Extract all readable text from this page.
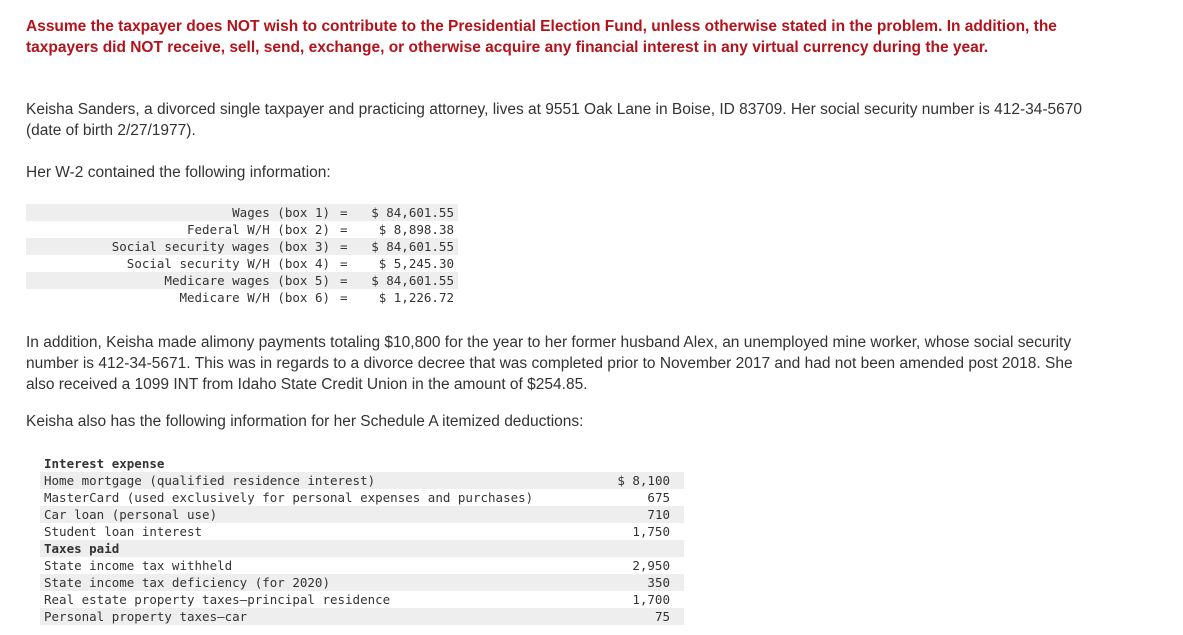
Assume the taxpayer does NOT wish to contribute to the Presidential Election Fund, unless otherwise stated in the problem. In addition, the taxpayers did NOT receive, sell, send, exchange, or otherwise acquire any financial interest in any virtual currency during the year.
Keisha Sanders, a divorced single taxpayer and practicing attorney, lives at 9551 Oak Lane in Boise, ID 83709. Her social security number is 412-34-5670 (date of birth 2/27/1977).
Her W-2 contained the following information:
Wages (box 1)	=	$ 84,601.55
Federal W/H (box 2)	=	$ 8,898.38
Social security wages (box 3)	=	$ 84,601.55
Social security W/H (box 4)	=	$ 5,245.30
Medicare wages (box 5)	=	$ 84,601.55
Medicare W/H (box 6)	=	$ 1,226.72
In addition, Keisha made alimony payments totaling $10,800 for the year to her former husband Alex, an unemployed mine worker, whose social security number is 412-34-5671. This was in regards to a divorce decree that was completed prior to November 2017 and had not been amended post 2018. She also received a 1099 INT from Idaho State Credit Union in the amount of $254.85.
Keisha also has the following information for her Schedule A itemized deductions:
Interest expense	
Home mortgage (qualified residence interest)	$ 8,100
MasterCard (used exclusively for personal expenses and purchases)	675
Car loan (personal use)	710
Student loan interest	1,750
Taxes paid	
State income tax withheld	2,950
State income tax deficiency (for 2020)	350
Real estate property taxes—principal residence	1,700
Personal property taxes—car	75
